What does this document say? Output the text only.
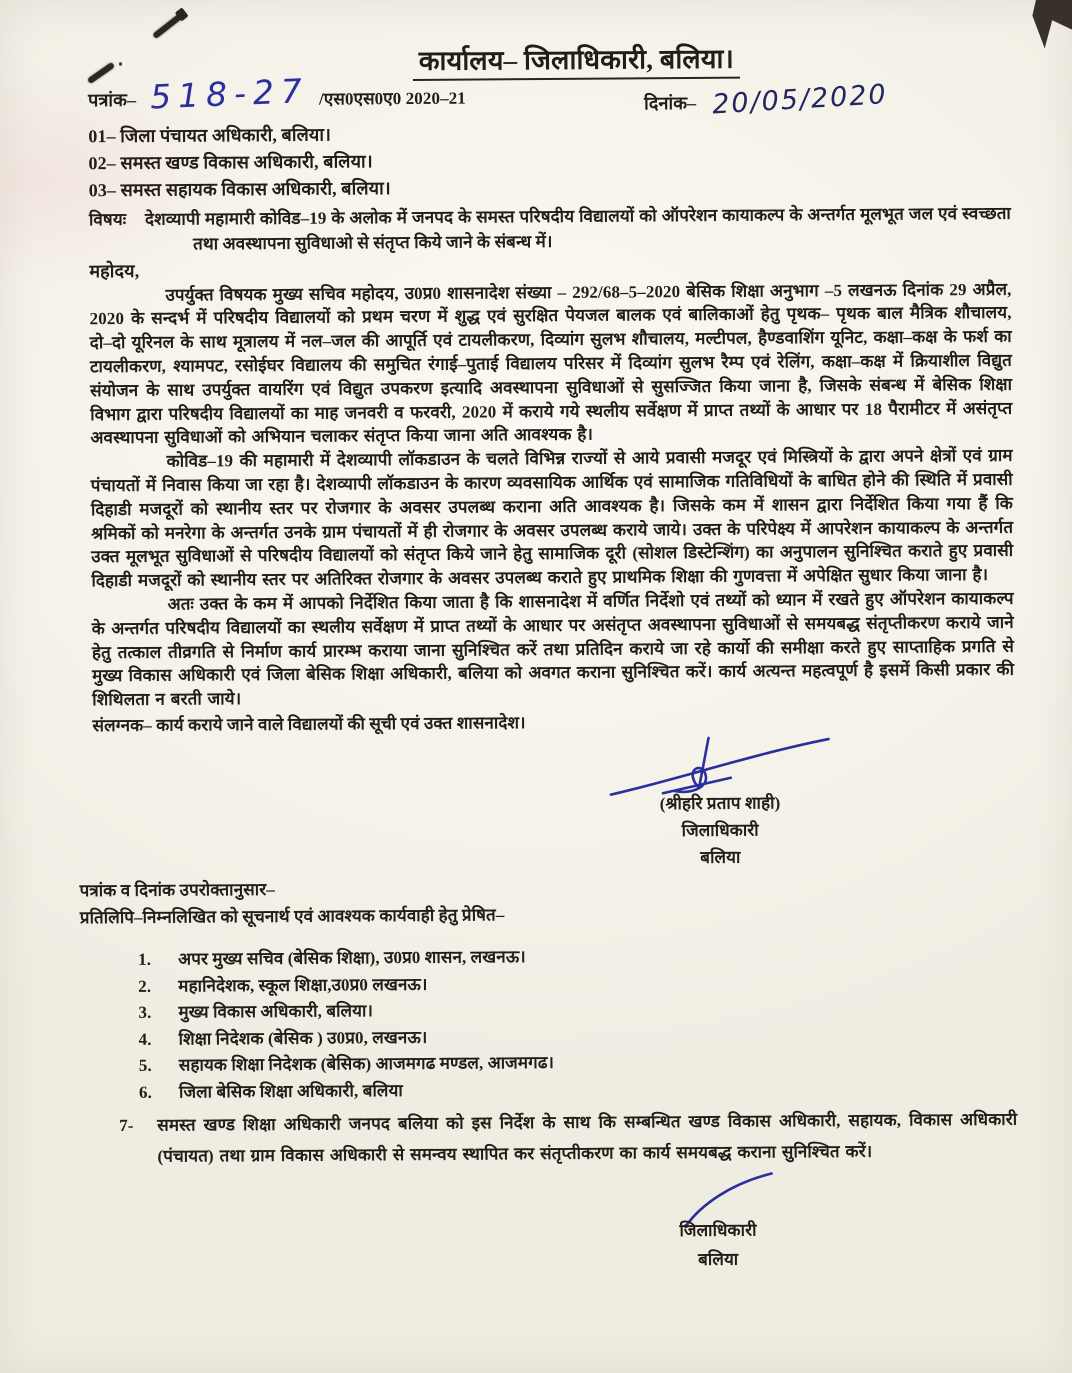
कार्यालय– जिलाधिकारी, बलिया।
पत्रांक– 518-27 /एस0एस0ए0 2020–21	दिनांक– 20/05/2020
01– जिला पंचायत अधिकारी, बलिया।
02– समस्त खण्ड विकास अधिकारी, बलिया।
03– समस्त सहायक विकास अधिकारी, बलिया।
विषयः	देशव्यापी महामारी कोविड–19 के अलोक में जनपद के समस्त परिषदीय विद्यालयों को ऑपरेशन कायाकल्प के अन्तर्गत मूलभूत जल एवं स्वच्छता तथा अवस्थापना सुविधाओ से संतृप्त किये जाने के संबन्ध में।
महोदय,

उपर्युक्त विषयक मुख्य सचिव महोदय, उ0प्र0 शासनादेश संख्या – 292/68–5–2020 बेसिक शिक्षा अनुभाग –5 लखनऊ दिनांक 29 अप्रैल, 2020 के सन्दर्भ में परिषदीय विद्यालयों को प्रथम चरण में शुद्ध एवं सुरक्षित पेयजल बालक एवं बालिकाओं हेतु पृथक– पृथक बाल मैत्रिक शौचालय, दो–दो यूरिनल के साथ मूत्रालय में नल–जल की आपूर्ति एवं टायलीकरण, दिव्यांग सुलभ शौचालय, मल्टीपल, हैण्डवाशिंग यूनिट, कक्षा–कक्ष के फर्श का टायलीकरण, श्यामपट, रसोईघर विद्यालय की समुचित रंगाई–पुताई विद्यालय परिसर में दिव्यांग सुलभ रैम्प एवं रेलिंग, कक्षा–कक्ष में क्रियाशील विद्युत संयोजन के साथ उपर्युक्त वायरिंग एवं विद्युत उपकरण इत्यादि अवस्थापना सुविधाओं से सुसज्जित किया जाना है, जिसके संबन्ध में बेसिक शिक्षा विभाग द्वारा परिषदीय विद्यालयों का माह जनवरी व फरवरी, 2020 में कराये गये स्थलीय सर्वेक्षण में प्राप्त तथ्यों के आधार पर 18 पैरामीटर में असंतृप्त अवस्थापना सुविधाओं को अभियान चलाकर संतृप्त किया जाना अति आवश्यक है।

कोविड–19 की महामारी में देशव्यापी लॉकडाउन के चलते विभिन्न राज्यों से आये प्रवासी मजदूर एवं मिस्त्रियों के द्वारा अपने क्षेत्रों एवं ग्राम पंचायतों में निवास किया जा रहा है। देशव्यापी लॉकडाउन के कारण व्यवसायिक आर्थिक एवं सामाजिक गतिविधियों के बाधित होने की स्थिति में प्रवासी दिहाडी मजदूरों को स्थानीय स्तर पर रोजगार के अवसर उपलब्ध कराना अति आवश्यक है। जिसके कम में शासन द्वारा निर्देशित किया गया हैं कि श्रमिकों को मनरेगा के अन्तर्गत उनके ग्राम पंचायतों में ही रोजगार के अवसर उपलब्ध कराये जाये। उक्त के परिपेक्ष्य में आपरेशन कायाकल्प के अन्तर्गत उक्त मूलभूत सुविधाओं से परिषदीय विद्यालयों को संतृप्त किये जाने हेतु सामाजिक दूरी (सोशल डिस्टेन्शिंग) का अनुपालन सुनिश्चित कराते हुए प्रवासी दिहाडी मजदूरों को स्थानीय स्तर पर अतिरिक्त रोजगार के अवसर उपलब्ध कराते हुए प्राथमिक शिक्षा की गुणवत्ता में अपेक्षित सुधार किया जाना है।

अतः उक्त के कम में आपको निर्देशित किया जाता है कि शासनादेश में वर्णित निर्देशो एवं तथ्यों को ध्यान में रखते हुए ऑपरेशन कायाकल्प के अन्तर्गत परिषदीय विद्यालयों का स्थलीय सर्वेक्षण में प्राप्त तथ्यों के आधार पर असंतृप्त अवस्थापना सुविधाओं से समयबद्ध संतृप्तीकरण कराये जाने हेतु तत्काल तीव्रगति से निर्माण कार्य प्रारम्भ कराया जाना सुनिश्चित करें तथा प्रतिदिन कराये जा रहे कार्यो की समीक्षा करते हुए साप्ताहिक प्रगति से मुख्य विकास अधिकारी एवं जिला बेसिक शिक्षा अधिकारी, बलिया को अवगत कराना सुनिश्चित करें। कार्य अत्यन्त महत्वपूर्ण है इसमें किसी प्रकार की शिथिलता न बरती जाये।

संलग्नक– कार्य कराये जाने वाले विद्यालयों की सूची एवं उक्त शासनादेश।
(श्रीहरि प्रताप शाही)
जिलाधिकारी
बलिया
पत्रांक व दिनांक उपरोक्तानुसार–
प्रतिलिपि–निम्नलिखित को सूचनार्थ एवं आवश्यक कार्यवाही हेतु प्रेषित–
1.	अपर मुख्य सचिव (बेसिक शिक्षा), उ0प्र0 शासन, लखनऊ।
2.	महानिदेशक, स्कूल शिक्षा,उ0प्र0 लखनऊ।
3.	मुख्य विकास अधिकारी, बलिया।
4.	शिक्षा निदेशक (बेसिक ) उ0प्र0, लखनऊ।
5.	सहायक शिक्षा निदेशक (बेसिक) आजमगढ मण्डल, आजमगढ।
6.	जिला बेसिक शिक्षा अधिकारी, बलिया
7-	समस्त खण्ड शिक्षा अधिकारी जनपद बलिया को इस निर्देश के साथ कि सम्बन्धित खण्ड विकास अधिकारी, सहायक, विकास अधिकारी (पंचायत) तथा ग्राम विकास अधिकारी से समन्वय स्थापित कर संतृप्तीकरण का कार्य समयबद्ध कराना सुनिश्चित करें।
जिलाधिकारी
बलिया
